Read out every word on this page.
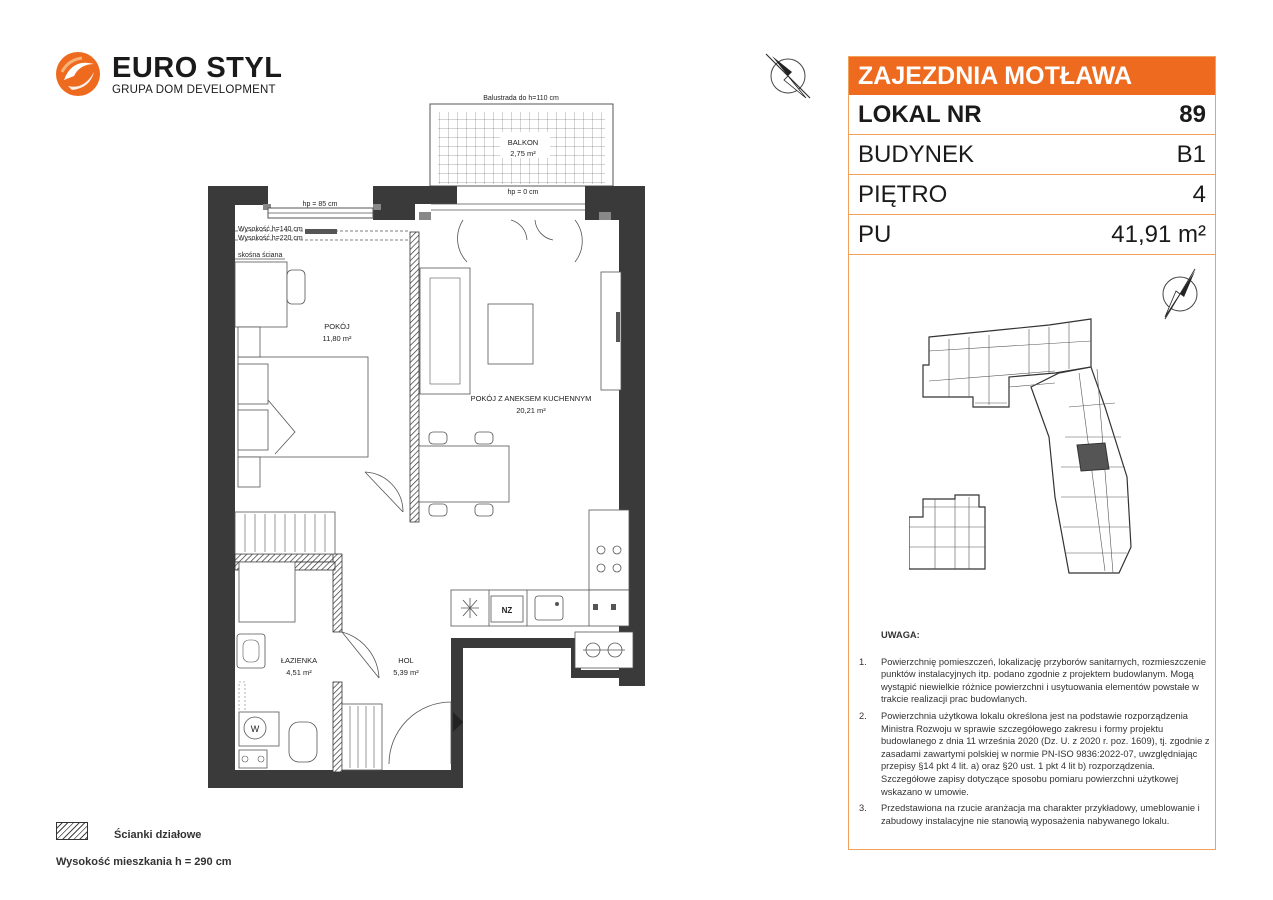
EURO STYL
GRUPA DOM DEVELOPMENT	ZAJEZDNIA MOTŁAWA
LOKAL NR	89
BUDYNEK	B1
PIĘTRO	4
PU	41,91 m²
UWAGA:
1. Powierzchnię pomieszczeń, lokalizację przyborów sanitarnych, rozmieszczenie punktów instalacyjnych itp. podano zgodnie z projektem budowlanym. Mogą wystąpić niewielkie różnice powierzchni i usytuowania elementów powstałe w trakcie realizacji prac budowlanych.
2. Powierzchnia użytkowa lokalu określona jest na podstawie rozporządzenia Ministra Rozwoju w sprawie szczegółowego zakresu i formy projektu budowlanego z dnia 11 września 2020 (Dz. U. z 2020 r. poz. 1609), tj. zgodnie z zasadami zawartymi polskiej w normie PN-ISO 9836:2022-07, uwzględniając przepisy §14 pkt 4 lit. a) oraz §20 ust. 1 pkt 4 lit b) rozporządzenia. Szczegółowe zapisy dotyczące sposobu pomiaru powierzchni użytkowej wskazano w umowie.
3. Przedstawiona na rzucie aranżacja ma charakter przykładowy, umeblowanie i zabudowy instalacyjne nie stanowią wyposażenia nabywanego lokalu.
Balustrada do h=110 cm
BALKON
2,75 m²
hp = 0 cm
hp = 85 cm
Wysokość h=140 cm
Wysokość h=220 cm
skośna ściana
POKÓJ
11,80 m²
POKÓJ Z ANEKSEM KUCHENNYM
20,21 m²
NZ
W
ŁAZIENKA
4,51 m²
HOL
5,39 m²
Ścianki działowe
Wysokość mieszkania h = 290 cm
